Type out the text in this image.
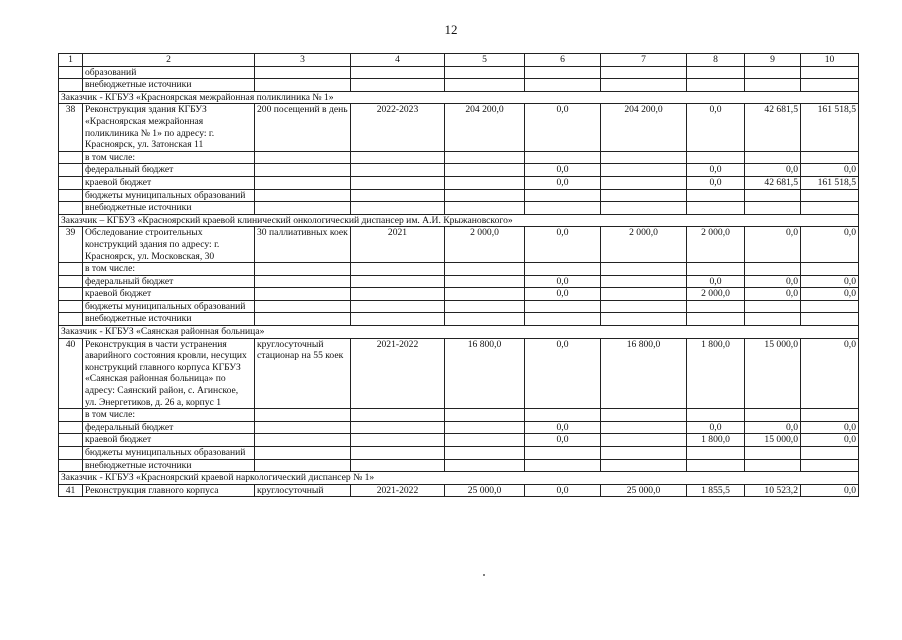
12
1	2	3	4	5	6	7	8	9	10
	образований								
	внебюджетные источники								
Заказчик - КГБУЗ «Красноярская межрайонная поликлиника № 1»									
38	Реконструкция здания КГБУЗ «Красноярская межрайонная поликлиника № 1» по адресу: г. Красноярск, ул. Затонская 11	200 посещений в день	2022-2023	204 200,0	0,0	204 200,0	0,0	42 681,5	161 518,5
	в том числе:								
	федеральный бюджет				0,0		0,0	0,0	0,0
	краевой бюджет				0,0		0,0	42 681,5	161 518,5
	бюджеты муниципальных образований								
	внебюджетные источники								
Заказчик – КГБУЗ «Красноярский краевой клинический онкологический диспансер им. А.И. Крыжановского»									
39	Обследование строительных конструкций здания по адресу: г. Красноярск, ул. Московская, 30	30 паллиативных коек	2021	2 000,0	0,0	2 000,0	2 000,0	0,0	0,0
	в том числе:								
	федеральный бюджет				0,0		0,0	0,0	0,0
	краевой бюджет				0,0		2 000,0	0,0	0,0
	бюджеты муниципальных образований								
	внебюджетные источники								
Заказчик - КГБУЗ «Саянская районная больница»									
40	Реконструкция в части устранения аварийного состояния кровли, несущих конструкций главного корпуса КГБУЗ «Саянская районная больница» по адресу: Саянский район, с. Агинское, ул. Энергетиков, д. 26 а, корпус 1	круглосуточный стационар на 55 коек	2021-2022	16 800,0	0,0	16 800,0	1 800,0	15 000,0	0,0
	в том числе:								
	федеральный бюджет				0,0		0,0	0,0	0,0
	краевой бюджет				0,0		1 800,0	15 000,0	0,0
	бюджеты муниципальных образований								
	внебюджетные источники								
Заказчик - КГБУЗ «Красноярский краевой наркологический диспансер № 1»									
41	Реконструкция главного корпуса	круглосуточный	2021-2022	25 000,0	0,0	25 000,0	1 855,5	10 523,2	0,0
